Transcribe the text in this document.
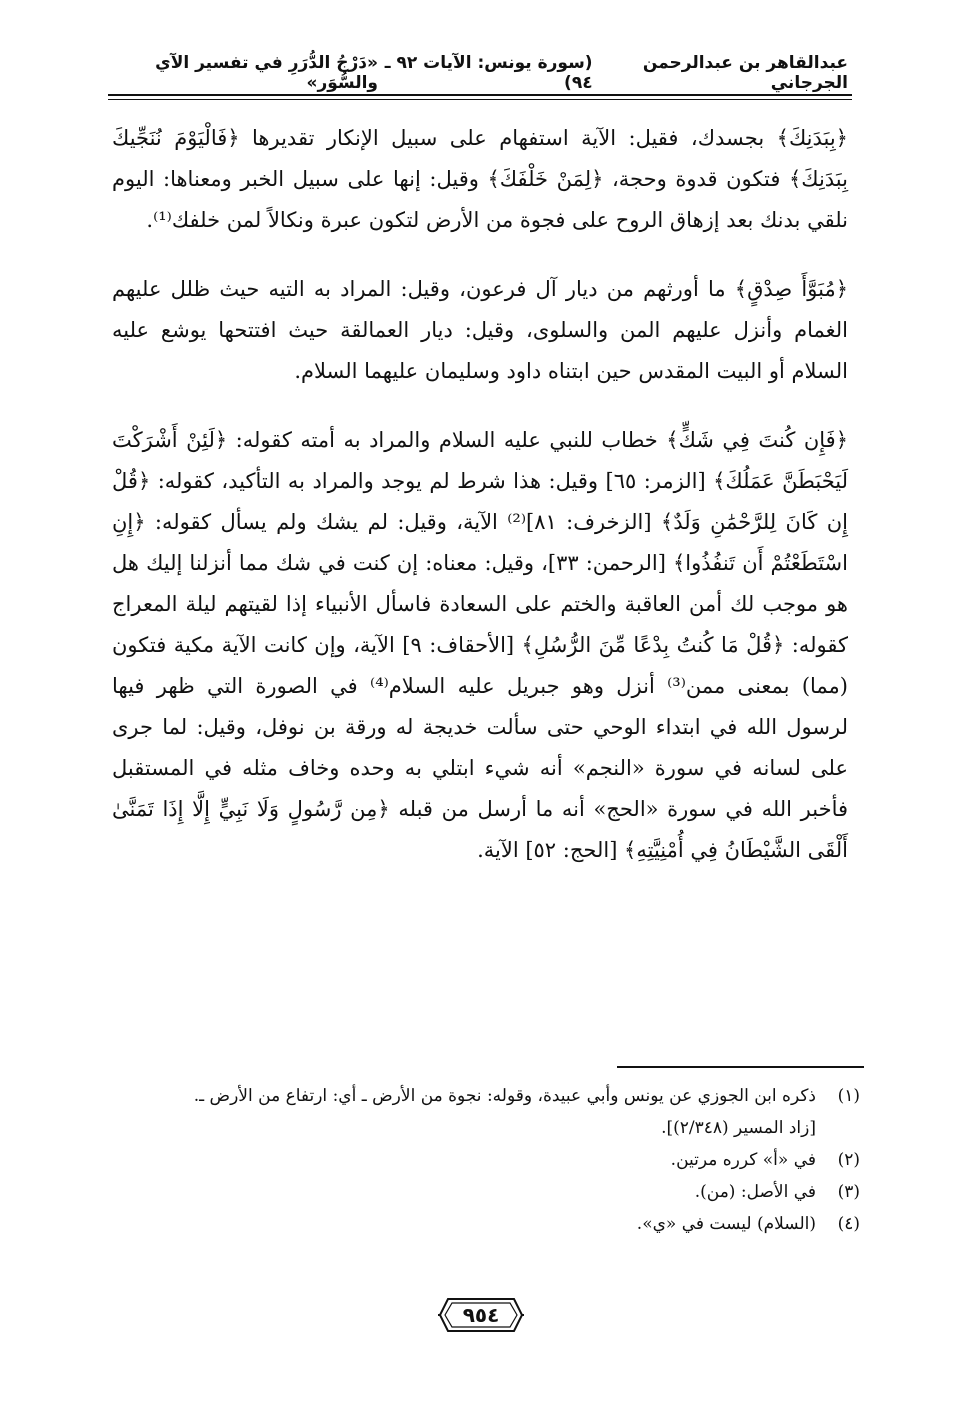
عبدالقاهر بن عبدالرحمن الجرجاني
(سورة يونس: الآيات ٩٢ ـ ٩٤)
«دَرْجُ الدُّرَرِ في تفسير الآي والسُّوَر»

﴿بِبَدَنِكَ﴾ بجسدك، فقيل: الآية استفهام على سبيل الإنكار تقديرها ﴿فَالْيَوْمَ نُنَجِّيكَ بِبَدَنِكَ﴾ فتكون قدوة وحجة، ﴿لِمَنْ خَلْفَكَ﴾ وقيل: إنها على سبيل الخبر ومعناها: اليوم نلقي بدنك بعد إزهاق الروح على فجوة من الأرض لتكون عبرة ونكالاً لمن خلفك⁽¹⁾.

﴿مُبَوَّأَ صِدْقٍ﴾ ما أورثهم من ديار آل فرعون، وقيل: المراد به التيه حيث ظلل عليهم الغمام وأنزل عليهم المن والسلوى، وقيل: ديار العمالقة حيث افتتحها يوشع عليه السلام أو البيت المقدس حين ابتناه داود وسليمان عليهما السلام.

﴿فَإِن كُنتَ فِي شَكٍّ﴾ خطاب للنبي عليه السلام والمراد به أمته كقوله: ﴿لَئِنْ أَشْرَكْتَ لَيَحْبَطَنَّ عَمَلُكَ﴾ [الزمر: ٦٥] وقيل: هذا شرط لم يوجد والمراد به التأكيد، كقوله: ﴿قُلْ إِن كَانَ لِلرَّحْمَٰنِ وَلَدٌ﴾ [الزخرف: ٨١]⁽²⁾ الآية، وقيل: لم يشك ولم يسأل كقوله: ﴿إِنِ اسْتَطَعْتُمْ أَن تَنفُذُوا﴾ [الرحمن: ٣٣]، وقيل: معناه: إن كنت في شك مما أنزلنا إليك هل هو موجب لك أمن العاقبة والختم على السعادة فاسأل الأنبياء إذا لقيتهم ليلة المعراج كقوله: ﴿قُلْ مَا كُنتُ بِدْعًا مِّنَ الرُّسُلِ﴾ [الأحقاف: ٩] الآية، وإن كانت الآية مكية فتكون (مما) بمعنى ممن⁽³⁾ أنزل وهو جبريل عليه السلام⁽⁴⁾ في الصورة التي ظهر فيها لرسول الله في ابتداء الوحي حتى سألت خديجة له ورقة بن نوفل، وقيل: لما جرى على لسانه في سورة «النجم» أنه شيء ابتلي به وحده وخاف مثله في المستقبل فأخبر الله في سورة «الحج» أنه ما أرسل من قبله ﴿مِن رَّسُولٍ وَلَا نَبِيٍّ إِلَّا إِذَا تَمَنَّىٰ أَلْقَى الشَّيْطَانُ فِي أُمْنِيَّتِهِ﴾ [الحج: ٥٢] الآية.

(١)
ذكره ابن الجوزي عن يونس وأبي عبيدة، وقوله: نجوة من الأرض ـ أي: ارتفاع من الأرض ـ.
[زاد المسير (٢/٣٤٨)].
(٢)
في «أ» كرره مرتين.
(٣)
في الأصل: (من).
(٤)
(السلام) ليست في «ي».
٩٥٤
